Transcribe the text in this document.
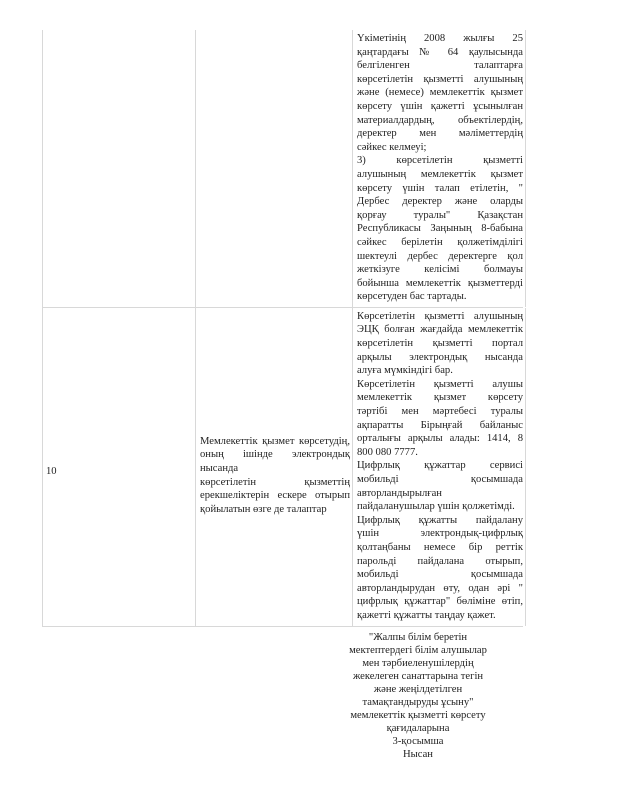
Үкіметінің 2008 жылғы 25
қаңтардағы № 64 қаулысында
белгіленген талаптарға
көрсетілетін қызметті алушының
және (немесе) мемлекеттік қызмет
көрсету үшін қажетті ұсынылған
материалдардың, объектілердің,
деректер мен мәліметтердің
сәйкес келмеуі;
3) көрсетілетін қызметті
алушының мемлекеттік қызмет
көрсету үшін талап етілетін, "
Дербес деректер және оларды
қорғау туралы" Қазақстан
Республикасы Заңының 8-бабына
сәйкес берілетін қолжетімділігі
шектеулі дербес деректерге қол
жеткізуге келісімі болмауы
бойынша мемлекеттік қызметтерді
көрсетуден бас тартады.
10
Мемлекеттік қызмет көрсетудің,
оның ішінде электрондық нысанда
көрсетілетін қызметтің
ерекшеліктерін ескере отырып
қойылатын өзге де талаптар
Көрсетілетін қызметті алушының
ЭЦҚ болған жағдайда мемлекеттік
көрсетілетін қызметті портал
арқылы электрондық нысанда
алуға мүмкіндігі бар.
Көрсетілетін қызметті алушы
мемлекеттік қызмет көрсету
тәртібі мен мәртебесі туралы
ақпаратты Бірыңғай байланыс
орталығы арқылы алады: 1414, 8
800 080 7777.
Цифрлық құжаттар сервисі
мобильді қосымшада
авторландырылған
пайдаланушылар үшін қолжетімді.
Цифрлық құжатты пайдалану
үшін электрондық-цифрлық
қолтаңбаны немесе бір реттік
парольді пайдалана отырып,
мобильді қосымшада
авторландырудан өту, одан әрі "
цифрлық құжаттар" бөліміне өтіп,
қажетті құжатты таңдау қажет.
"Жалпы білім беретін
мектептердегі білім алушылар
мен тәрбиеленушілердің
жекелеген санаттарына тегін
және жеңілдетілген
тамақтандыруды ұсыну"
мемлекеттік қызметті көрсету
қағидаларына
3-қосымша
Нысан
